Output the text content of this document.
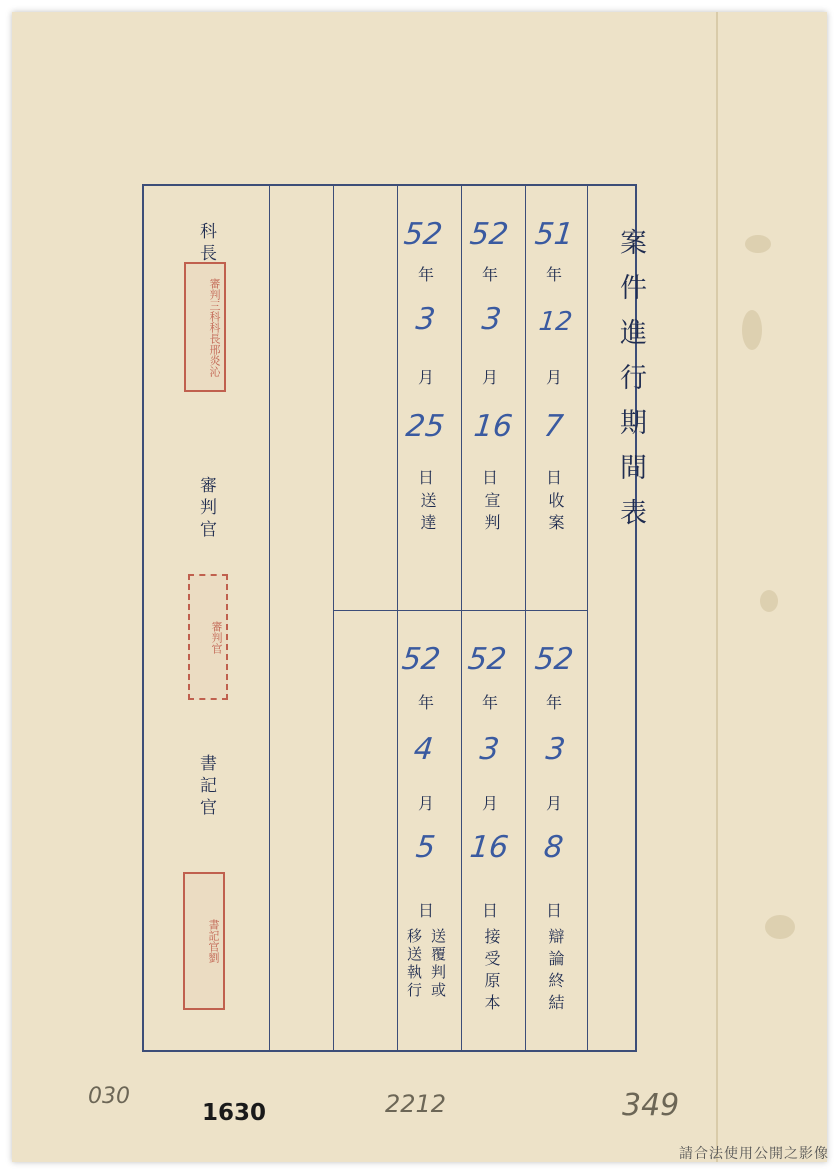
案件進行期間表
科長
審判三科科長邢炎沁
審判官
審判官
書記官
書記官劉
51
年
12
月
7
日
收案
52
年
3
月
16
日
宣判
52
年
3
月
25
日
送達
52
年
3
月
8
日
辯論終結
52
年
3
月
16
日
接受原本
52
年
4
月
5
日
送覆判或
移送執行
030
1630	2212	349
請合法使用公開之影像
